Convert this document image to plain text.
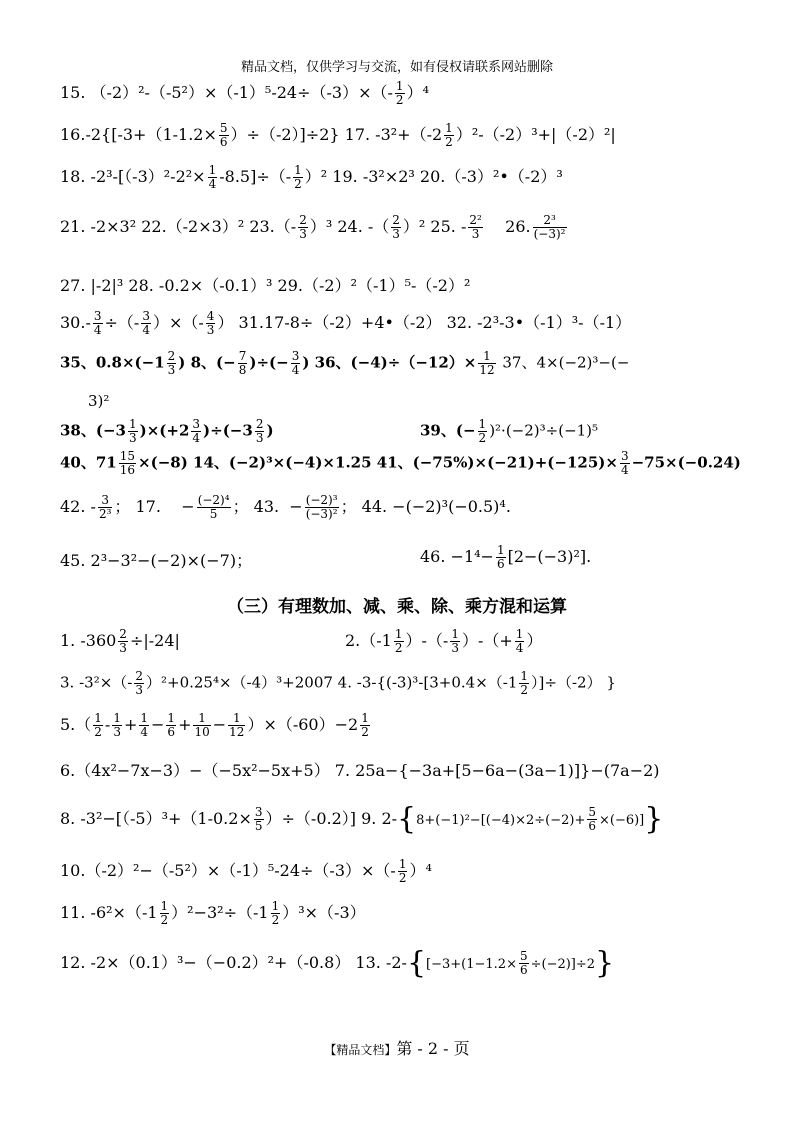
精品文档，仅供学习与交流，如有侵权请联系网站删除
15. $(-2)^2-(-5^2)\times(-1)^5-24\div(-3)\times(- \frac{1}{2} )^4$
$16.-2\{[-3+(1-1.2\times \frac{5}{6} )\div(-2)]\div 2\}$ 17. $-3^2+(-2 \frac{1}{2} )^2-(-2)^3+|(-2)^2|$
18. $-2^3-[(-3)^2-2^2\times \frac{1}{4} -8.5]\div(- \frac{1}{2} )^2$ 19. -3²×2³ 20.（-3）²•（-2）³
21. -2×3² 22.（-2×3）² $23.(- \frac{2}{3} )^3$ 24. -（ $\frac{2}{3} )^2$ 25. - $\frac{\text{2²}}{3} 26$. $\frac{\text{2³}}{\text{(−3)²}}$
27. |-2|³ 28. -0.2×（-0.1）³ 29.（-2）²（-1）⁵-（-2）²
$30.- \frac{3}{4}$ ÷（- $\frac{3}{4}$ ）×（- $\frac{4}{3}$ ） 31.17-8÷（-2）+4•（-2） 32. -2³-3•（-1）³-（-1）
35、$0.8\times(-1 \frac{2}{3}$ ) 8、(− $\frac{7}{8}$ )÷(− $\frac{3}{4}$ ) 36、$(-4)\div(-12)\times \frac{1}{12} 37$、4×(−2)³−(−
3)²
38、$(-3 \frac{1}{3} )\times(+2 \frac{3}{4} )\div(-3 \frac{2}{3}$ )	39、(− $\frac{1}{2} )^2\cdot(-2)^3\div(-1)^5$
40、$71 \frac{15}{16} \times(-8)$ 14、(−2)³×(−4)×1.25 41、$(-75\%)\times(-21)+(-125)\times \frac{3}{4} -75\times(-0.24)$
42. - $\frac{3}{\text{2³}}$ ； 17.    − $\frac{\text{(−2)⁴}}{5}$ ； 43.  − $\frac{\text{(−2)³}}{\text{(−3)²}}$ ； 44. −(−2)³(−0.5)⁴.
45. 2³−3²−(−2)×(−7)；	46. $-1^4- \frac{1}{6} [2-(-3)^2]$.
（三）有理数加、减、乘、除、乘方混和运算
1. $-360 \frac{2}{3} \div|-24|$	$2.(-1 \frac{1}{2}$ ）-（- $\frac{1}{3}$ ）-（+ $\frac{1}{4}$ ）
3. $-3^2\times(- \frac{2}{3} )^2+0.25^4\times(-4)^3+2007$ 4. $-3-\{(-3)^3-[3+0.4\times(-1 \frac{1}{2} )]\div(-2)$ }
$5.( \frac{1}{2} - \frac{1}{3} + \frac{1}{4} - \frac{1}{6} + \frac{1}{10} - \frac{1}{12} )\times(-60)-2 \frac{1}{2}$
6.（4x²−7x−3）−（−5x²−5x+5） 7. 25a−{−3a+[5−6a−(3a−1)]}−(7a−2)
8. $-3^2-[(-5)^3+(1-0.2\times \frac{3}{5} )\div(-0.2)]$ 9. $2-\{8+(-1)^2-[(-4)\times 2\div(-2)+ \frac{5}{6} \times(-6)]\}$
$10.(-2)^2-(-5^2)\times(-1)^5-24\div(-3)\times(- \frac{1}{2} )^4$
11. $-6^2\times(-1 \frac{1}{2} )^2-3^2\div(-1 \frac{1}{2} )^3\times(-3)$
12. -2×（0.1）³−（−0.2）²+（-0.8） 13. $-2-\{[-3+(1-1.2\times \frac{5}{6} \div(-2)]\div 2\}$
【精品文档】第 - 2 - 页
